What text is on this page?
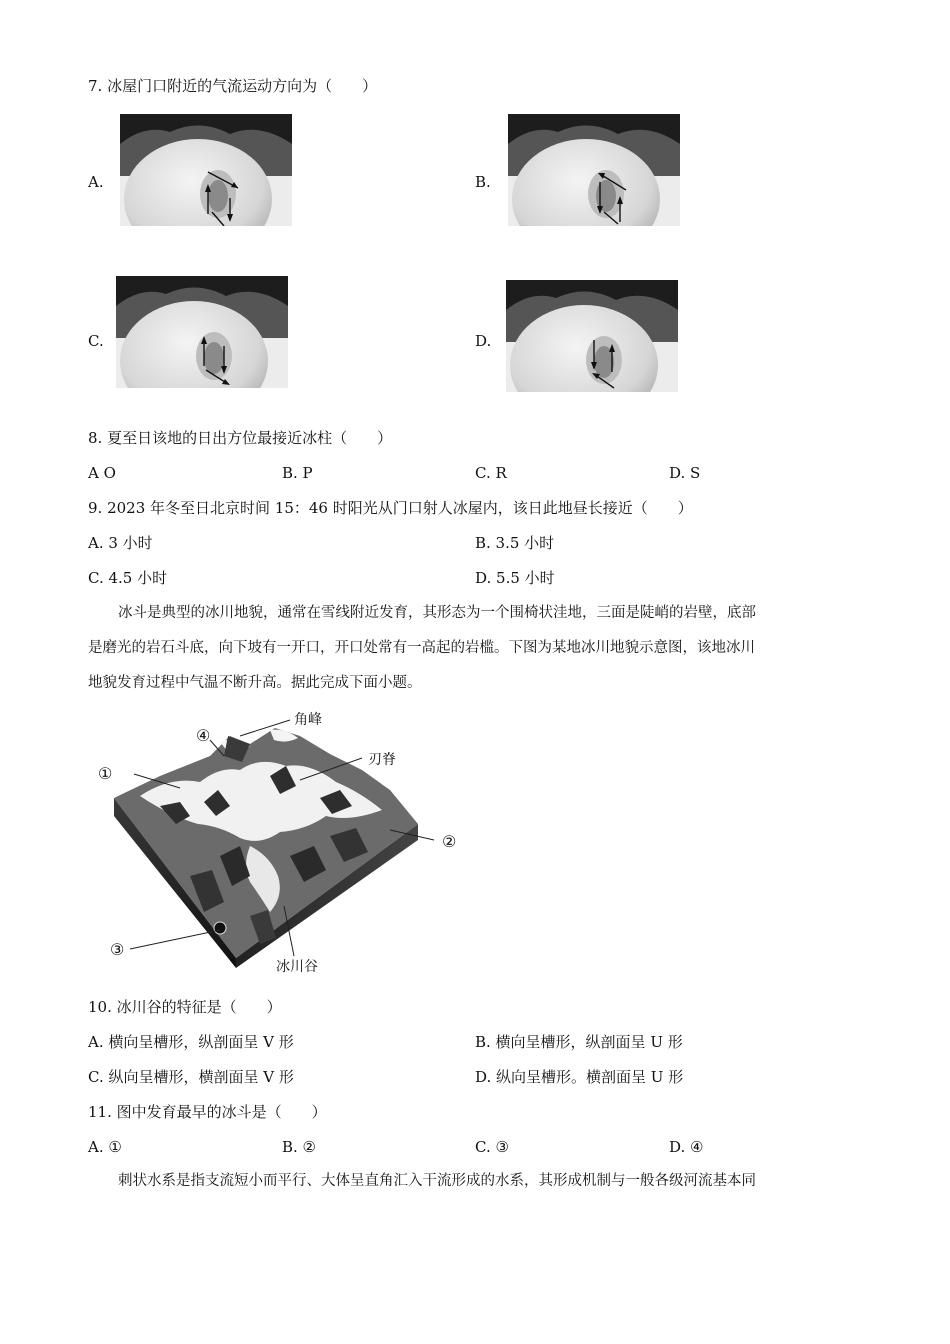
7. 冰屋门口附近的气流运动方向为（　　）
A.	B.
C.	D.
8. 夏至日该地的日出方位最接近冰柱（　　）
A O	B. P	C. R	D. S
9. 2023 年冬至日北京时间 15：46 时阳光从门口射人冰屋内，该日此地昼长接近（　　）
A. 3 小时	B. 3.5 小时
C. 4.5 小时	D. 5.5 小时
冰斗是典型的冰川地貌，通常在雪线附近发育，其形态为一个围椅状洼地，三面是陡峭的岩壁，底部
是磨光的岩石斗底，向下坡有一开口，开口处常有一高起的岩槛。下图为某地冰川地貌示意图，该地冰川
地貌发育过程中气温不断升高。据此完成下面小题。
①
④
角峰
刃脊
②
③
冰川谷
10. 冰川谷的特征是（　　）
A. 横向呈槽形，纵剖面呈 V 形	B. 横向呈槽形，纵剖面呈 U 形
C. 纵向呈槽形，横剖面呈 V 形	D. 纵向呈槽形。横剖面呈 U 形
11. 图中发育最早的冰斗是（　　）
A. ①	B. ②	C. ③	D. ④
刺状水系是指支流短小而平行、大体呈直角汇入干流形成的水系，其形成机制与一般各级河流基本同
